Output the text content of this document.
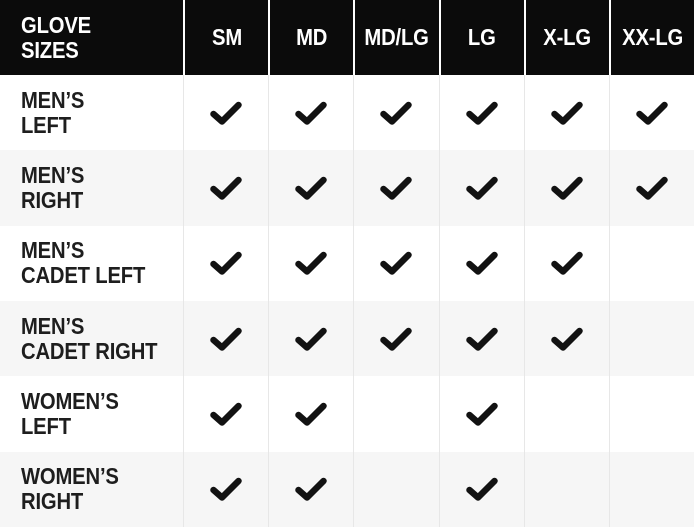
GLOVE
SIZES	SM MD MD/LG LG X-LG XX-LG
MEN’S
LEFT
MEN’S
RIGHT
MEN’S
CADET LEFT
MEN’S
CADET RIGHT
WOMEN’S
LEFT
WOMEN’S
RIGHT
